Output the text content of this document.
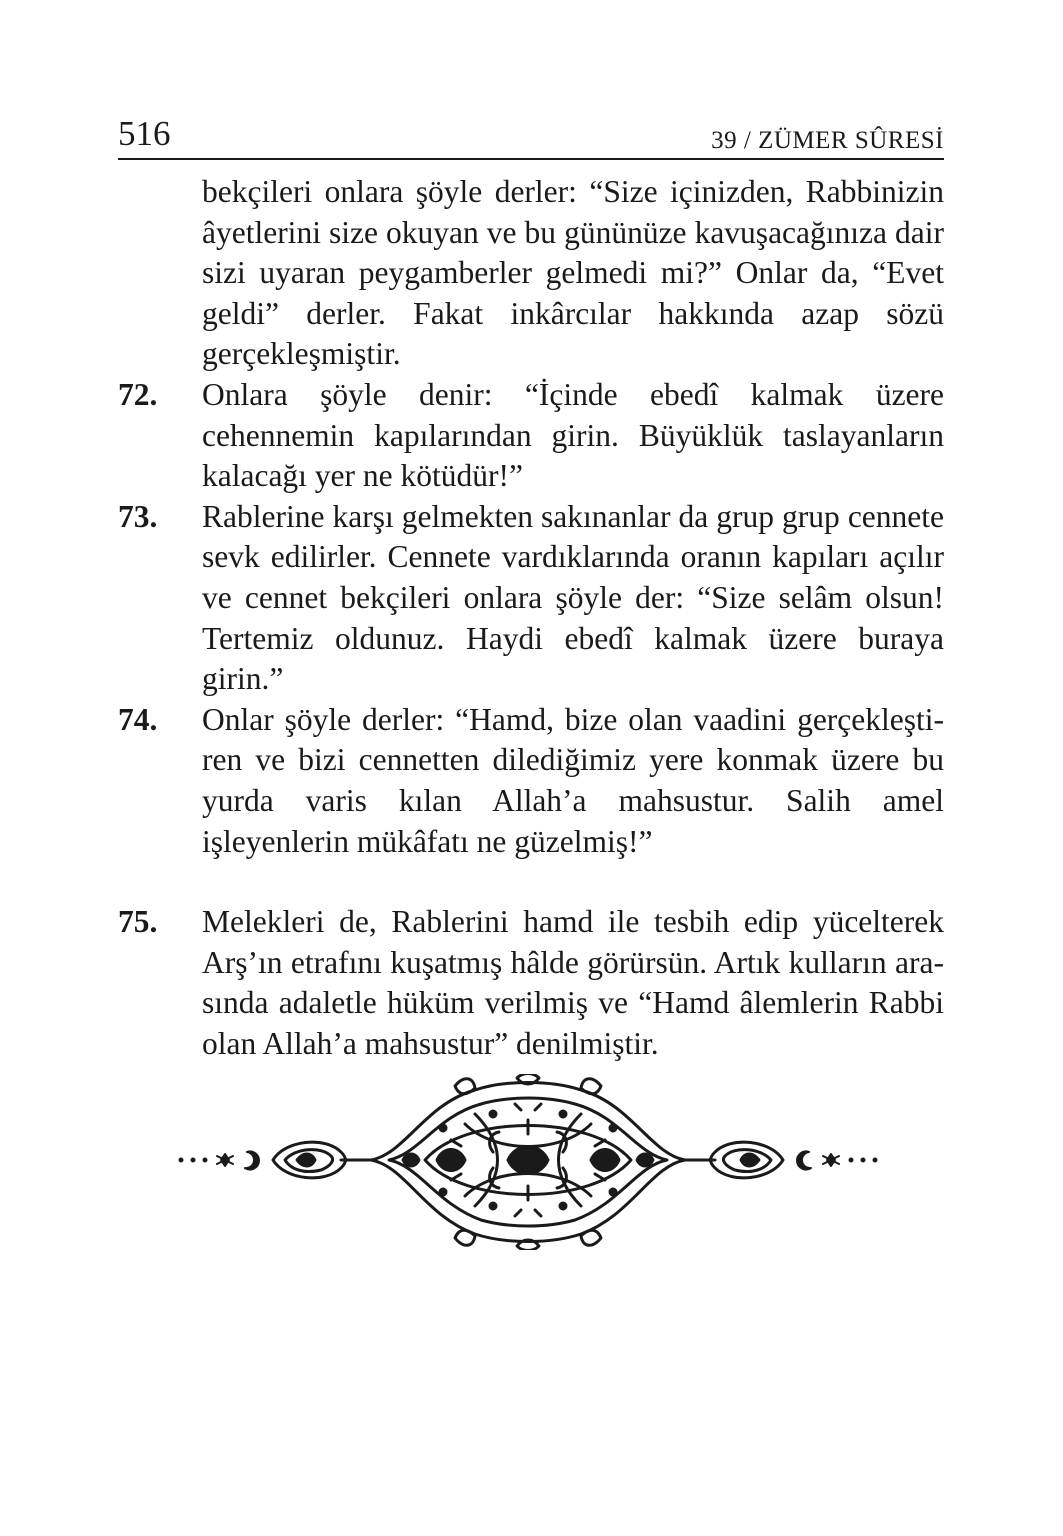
516	39 / ZÜMER SÛRESİ
bekçileri onlara şöyle derler: “Size içinizden, Rabbinizin âyetlerini size okuyan ve bu gününüze kavuşacağınıza dair sizi uyaran peygamberler gelmedi mi?” Onlar da, “Evet geldi” derler. Fakat inkârcılar hakkında azap sözü gerçekleşmiştir.
72. Onlara şöyle denir: “İçinde ebedî kalmak üzere cehennemin kapılarından girin. Büyüklük taslayanların kalacağı yer ne kötüdür!”
73. Rablerine karşı gelmekten sakınanlar da grup grup cennete sevk edilirler. Cennete vardıklarında oranın kapıları açılır ve cennet bekçileri onlara şöyle der: “Size selâm olsun! Tertemiz oldunuz. Haydi ebedî kalmak üzere buraya girin.”
74. Onlar şöyle derler: “Hamd, bize olan vaadini gerçekleştiren ve bizi cennetten dilediğimiz yere konmak üzere bu yurda varis kılan Allah’a mahsustur. Salih amel işleyenlerin mükâfatı ne güzelmiş!”
75. Melekleri de, Rablerini hamd ile tesbih edip yücelterek Arş’ın etrafını kuşatmış hâlde görürsün. Artık kulların arasında adaletle hüküm verilmiş ve “Hamd âlemlerin Rabbi olan Allah’a mahsustur” denilmiştir.
